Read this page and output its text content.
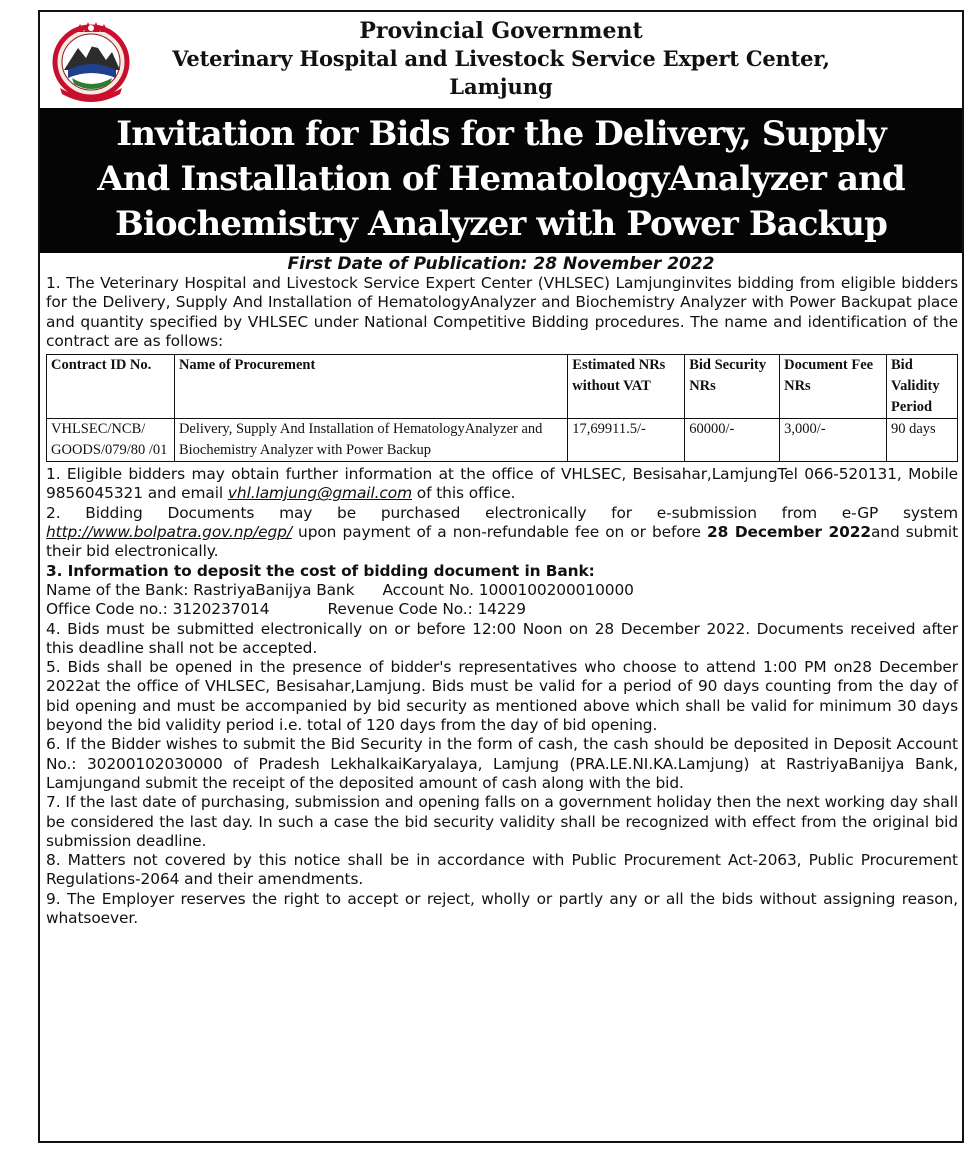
Provincial Government
Veterinary Hospital and Livestock Service Expert Center,
Lamjung
Invitation for Bids for the Delivery, Supply
And Installation of HematologyAnalyzer and
Biochemistry Analyzer with Power Backup
First Date of Publication: 28 November 2022

1. The Veterinary Hospital and Livestock Service Expert Center (VHLSEC) Lamjunginvites bidding from eligible bidders for the Delivery, Supply And Installation of HematologyAnalyzer and Biochemistry Analyzer with Power Backupat place and quantity specified by VHLSEC under National Competitive Bidding procedures. The name and identification of the contract are as follows:

Contract ID No.	Name of Procurement	Estimated NRs without VAT	Bid Security NRs	Document Fee NRs	Bid Validity Period
VHLSEC/NCB/ GOODS/079/80 /01	Delivery, Supply And Installation of HematologyAnalyzer and Biochemistry Analyzer with Power Backup	17,69911.5/-	60000/-	3,000/-	90 days

1. Eligible bidders may obtain further information at the office of VHLSEC, Besisahar,LamjungTel 066-520131, Mobile 9856045321 and email vhl.lamjung@gmail.com of this office.

2. Bidding Documents may be purchased electronically for e-submission from e-GP system http://www.bolpatra.gov.np/egp/ upon payment of a non-refundable fee on or before 28 December 2022and submit their bid electronically.

3. Information to deposit the cost of bidding document in Bank:

Name of the Bank: RastriyaBanijya Bank Account No. 1000100200010000

Office Code no.: 3120237014	Revenue Code No.: 14229

4. Bids must be submitted electronically on or before 12:00 Noon on 28 December 2022. Documents received after this deadline shall not be accepted.

5. Bids shall be opened in the presence of bidder's representatives who choose to attend 1:00 PM on28 December 2022at the office of VHLSEC, Besisahar,Lamjung. Bids must be valid for a period of 90 days counting from the day of bid opening and must be accompanied by bid security as mentioned above which shall be valid for minimum 30 days beyond the bid validity period i.e. total of 120 days from the day of bid opening.

6. If the Bidder wishes to submit the Bid Security in the form of cash, the cash should be deposited in Deposit Account No.: 30200102030000 of Pradesh LekhaIkaiKaryalaya, Lamjung (PRA.LE.NI.KA.Lamjung) at RastriyaBanijya Bank, Lamjungand submit the receipt of the deposited amount of cash along with the bid.

7. If the last date of purchasing, submission and opening falls on a government holiday then the next working day shall be considered the last day. In such a case the bid security validity shall be recognized with effect from the original bid submission deadline.

8. Matters not covered by this notice shall be in accordance with Public Procurement Act-2063, Public Procurement Regulations-2064 and their amendments.

9. The Employer reserves the right to accept or reject, wholly or partly any or all the bids without assigning reason, whatsoever.
